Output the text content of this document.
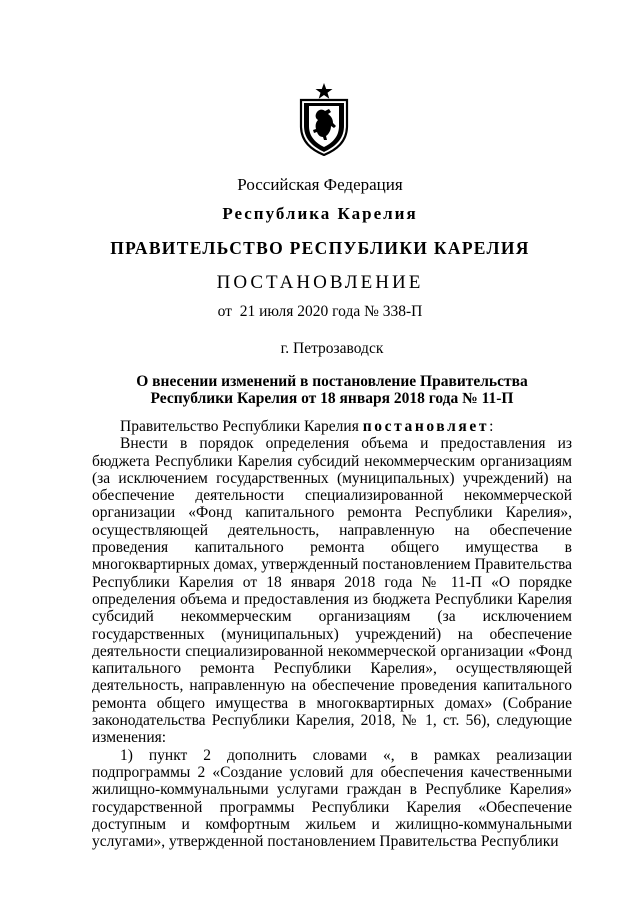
Российская Федерация
Республика Карелия
ПРАВИТЕЛЬСТВО РЕСПУБЛИКИ КАРЕЛИЯ
ПОСТАНОВЛЕНИЕ
от  21 июля 2020 года № 338-П
г. Петрозаводск
О внесении изменений в постановление Правительства
Республики Карелия от 18 января 2018 года № 11-П

Правительство Республики Карелия постановляет:

Внести в порядок определения объема и предоставления из бюджета Республики Карелия субсидий некоммерческим организациям (за исключением государственных (муниципальных) учреждений) на обеспечение деятельности специализированной некоммерческой организации «Фонд капитального ремонта Республики Карелия», осуществляющей деятельность, направленную на обеспечение проведения капитального ремонта общего имущества в многоквартирных домах, утвержденный постановлением Правительства Республики Карелия от 18 января 2018 года № 11-П «О порядке определения объема и предоставления из бюджета Республики Карелия субсидий некоммерческим организациям (за исключением государственных (муниципальных) учреждений) на обеспечение деятельности специализированной некоммерческой организации «Фонд капитального ремонта Республики Карелия», осуществляющей деятельность, направленную на обеспечение проведения капитального ремонта общего имущества в многоквартирных домах» (Собрание законодательства Республики Карелия, 2018, № 1, ст. 56), следующие изменения:

1) пункт 2 дополнить словами «, в рамках реализации подпрограммы 2 «Создание условий для обеспечения качественными жилищно-коммунальными услугами граждан в Республике Карелия» государственной программы Республики Карелия «Обеспечение доступным и комфортным жильем и жилищно-коммунальными услугами», утвержденной постановлением Правительства Республики
